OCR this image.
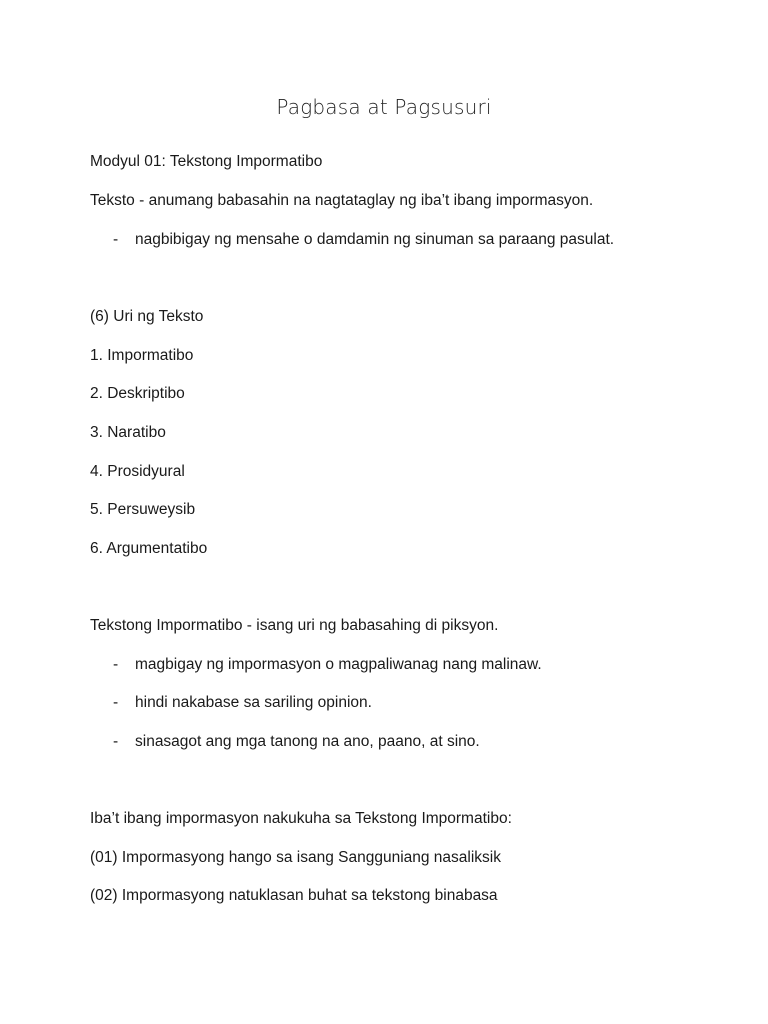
Pagbasa at Pagsusuri
Modyul 01: Tekstong Impormatibo
Teksto - anumang babasahin na nagtataglay ng iba’t ibang impormasyon.
- nagbibigay ng mensahe o damdamin ng sinuman sa paraang pasulat.
(6) Uri ng Teksto
1. Impormatibo
2. Deskriptibo
3. Naratibo
4. Prosidyural
5. Persuweysib
6. Argumentatibo
Tekstong Impormatibo - isang uri ng babasahing di piksyon.
- magbigay ng impormasyon o magpaliwanag nang malinaw.
- hindi nakabase sa sariling opinion.
- sinasagot ang mga tanong na ano, paano, at sino.
Iba’t ibang impormasyon nakukuha sa Tekstong Impormatibo:
(01) Impormasyong hango sa isang Sangguniang nasaliksik
(02) Impormasyong natuklasan buhat sa tekstong binabasa
